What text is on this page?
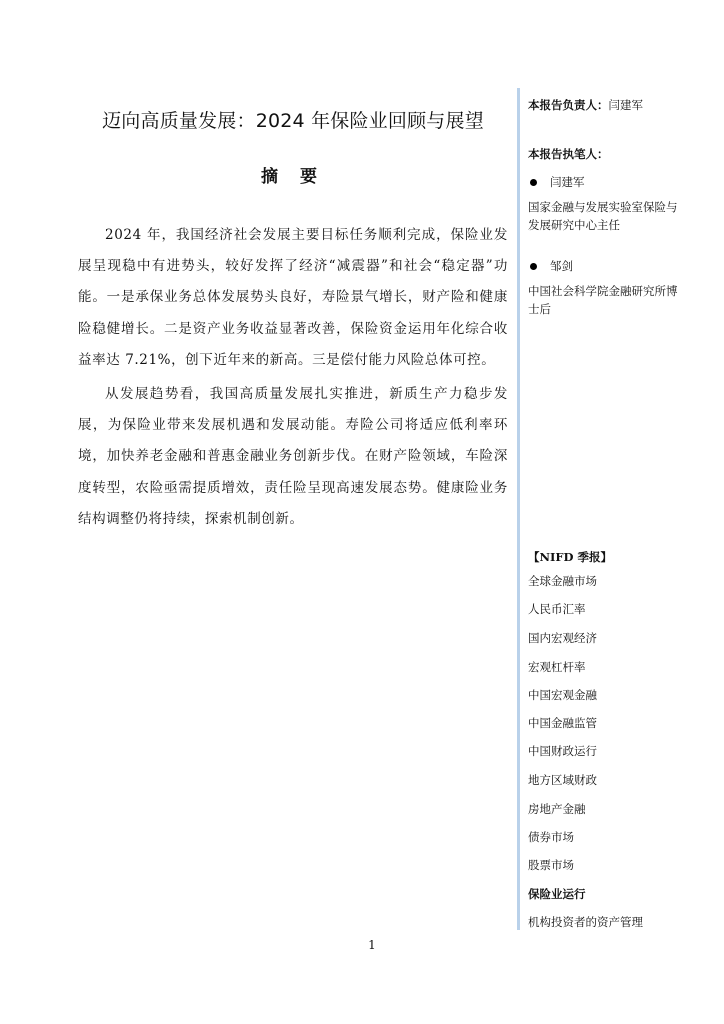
迈向高质量发展：2024 年保险业回顾与展望
摘 要

2024 年，我国经济社会发展主要目标任务顺利完成，保险业发展呈现稳中有进势头，较好发挥了经济“减震器”和社会“稳定器”功能。一是承保业务总体发展势头良好，寿险景气增长，财产险和健康险稳健增长。二是资产业务收益显著改善，保险资金运用年化综合收益率达 7.21%，创下近年来的新高。三是偿付能力风险总体可控。

从发展趋势看，我国高质量发展扎实推进，新质生产力稳步发展，为保险业带来发展机遇和发展动能。寿险公司将适应低利率环境，加快养老金融和普惠金融业务创新步伐。在财产险领域，车险深度转型，农险亟需提质增效，责任险呈现高速发展态势。健康险业务结构调整仍将持续，探索机制创新。

本报告负责人：闫建军
本报告执笔人：
闫建军
国家金融与发展实验室保险与发展研究中心主任
邹剑
中国社会科学院金融研究所博士后
【NIFD 季报】
全球金融市场
人民币汇率
国内宏观经济
宏观杠杆率
中国宏观金融
中国金融监管
中国财政运行
地方区域财政
房地产金融
债券市场
股票市场
保险业运行
机构投资者的资产管理
1
